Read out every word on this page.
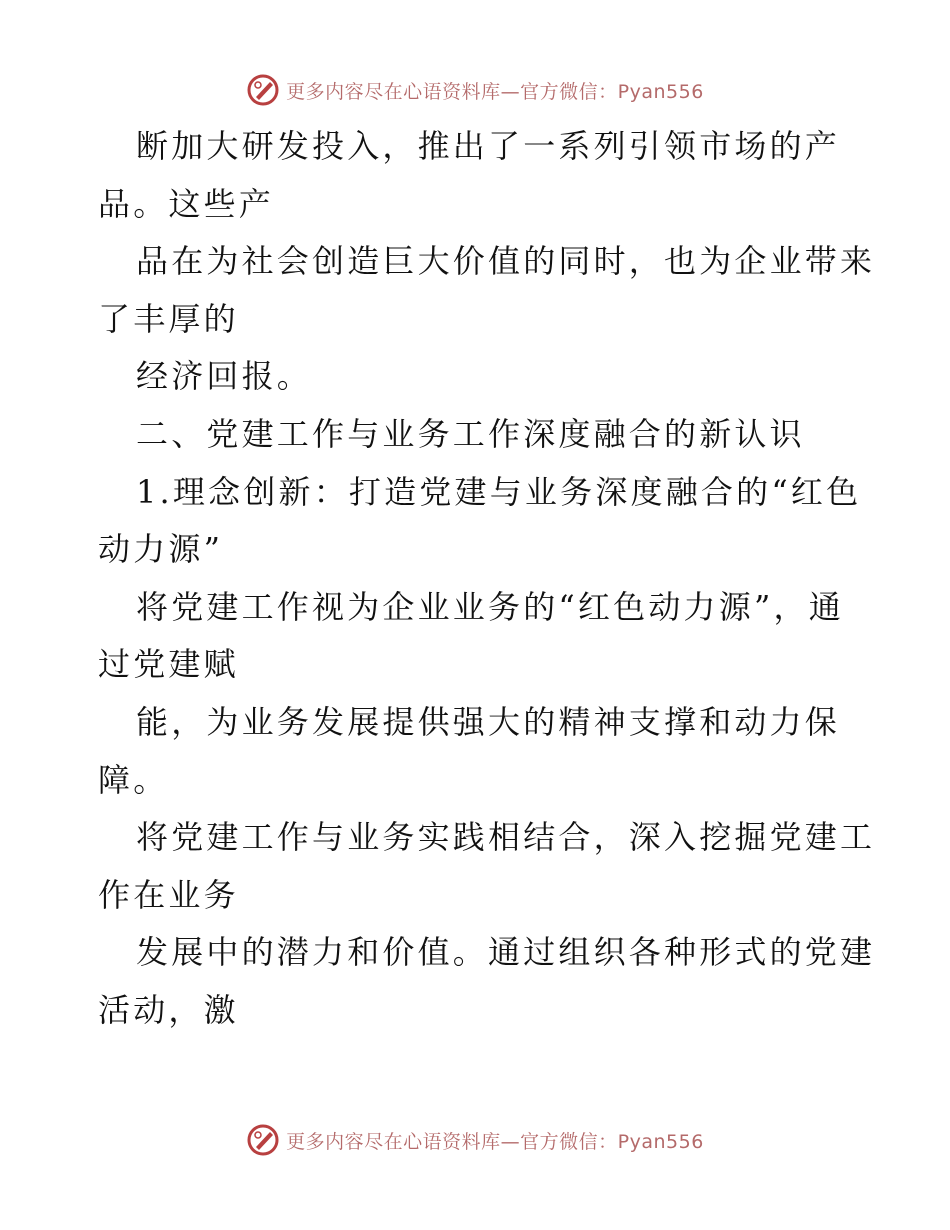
更多内容尽在心语资料库—官方微信：Pyan556
断加大研发投入，推出了一系列引领市场的产
品。这些产
品在为社会创造巨大价值的同时，也为企业带来
了丰厚的
经济回报。
二、党建工作与业务工作深度融合的新认识
1.理念创新：打造党建与业务深度融合的“红色
动力源”
将党建工作视为企业业务的“红色动力源”，通
过党建赋
能，为业务发展提供强大的精神支撑和动力保
障。
将党建工作与业务实践相结合，深入挖掘党建工
作在业务
发展中的潜力和价值。通过组织各种形式的党建
活动，激
更多内容尽在心语资料库—官方微信：Pyan556
